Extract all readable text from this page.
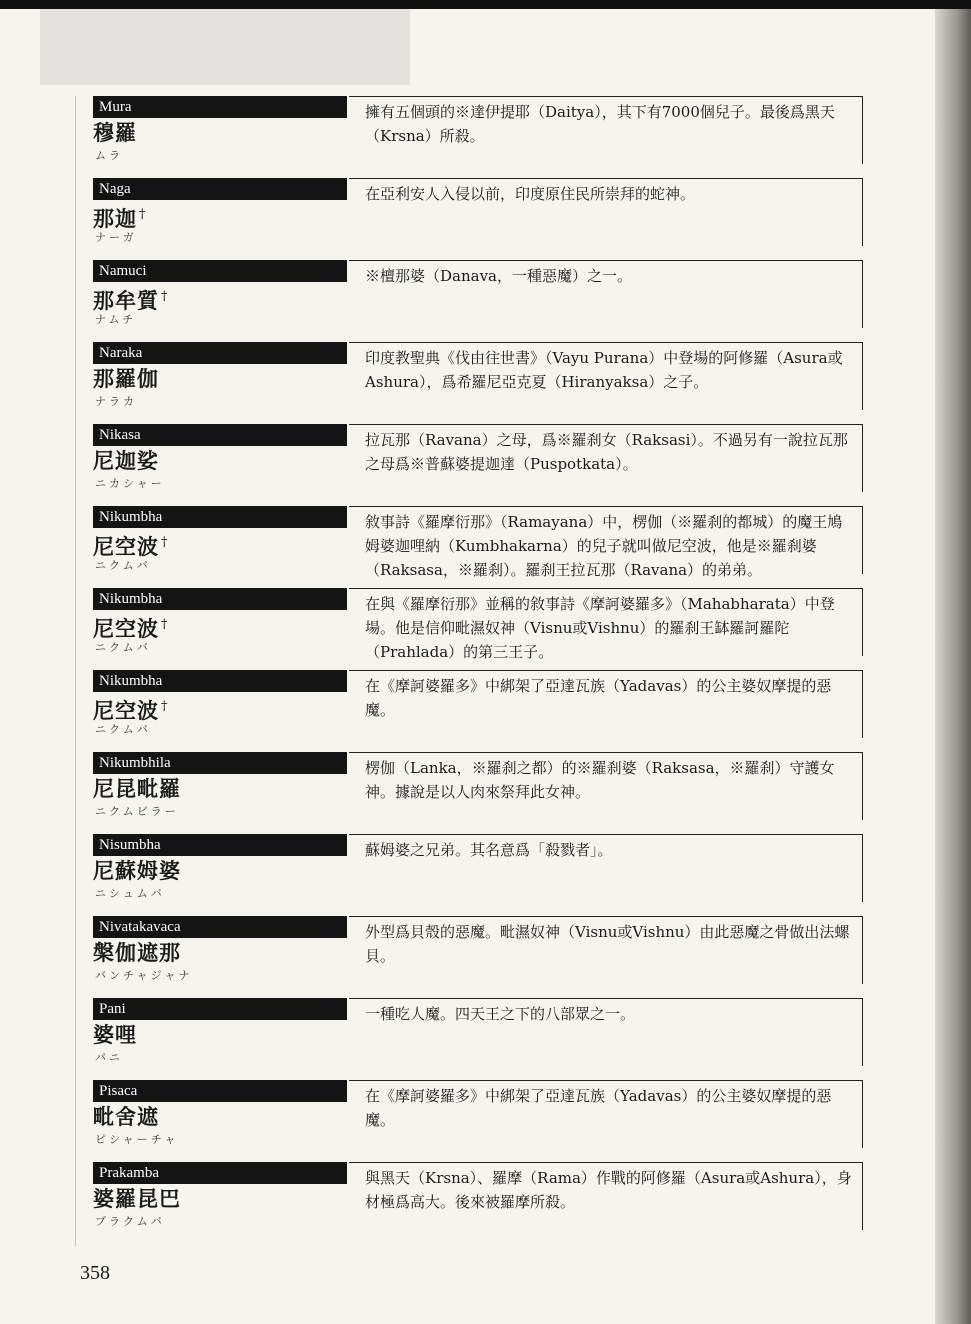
Mura
穆羅
ムラ
擁有五個頭的※達伊提耶（Daitya），其下有7000個兒子。最後爲黑天（Krsna）所殺。
Naga
那迦 †
ナーガ
在亞利安人入侵以前，印度原住民所崇拜的蛇神。
Namuci
那牟質 †
ナムチ
※檀那婆（Danava，一種惡魔）之一。
Naraka
那羅伽
ナラカ
印度教聖典《伐由往世書》（Vayu Purana）中登場的阿修羅（Asura或Ashura），爲希羅尼亞克夏（Hiranyaksa）之子。
Nikasa
尼迦娑
ニカシャー
拉瓦那（Ravana）之母，爲※羅刹女（Raksasi）。不過另有一說拉瓦那之母爲※普蘇婆提迦達（Puspotkata）。
Nikumbha
尼空波 †
ニクムバ
敘事詩《羅摩衍那》（Ramayana）中，楞伽（※羅刹的都城）的魔王鳩姆婆迦哩納（Kumbhakarna）的兒子就叫做尼空波，他是※羅刹婆（Raksasa，※羅刹）。羅刹王拉瓦那（Ravana）的弟弟。
Nikumbha
尼空波 †
ニクムバ
在與《羅摩衍那》並稱的敘事詩《摩訶婆羅多》（Mahabharata）中登場。他是信仰毗濕奴神（Visnu或Vishnu）的羅刹王缽羅訶羅陀（Prahlada）的第三王子。
Nikumbha
尼空波 †
ニクムバ
在《摩訶婆羅多》中綁架了亞達瓦族（Yadavas）的公主婆奴摩提的惡魔。
Nikumbhila
尼昆毗羅
ニクムビラー
楞伽（Lanka，※羅刹之都）的※羅刹婆（Raksasa，※羅刹）守護女神。據說是以人肉來祭拜此女神。
Nisumbha
尼蘇姆婆
ニシュムバ
蘇姆婆之兄弟。其名意爲「殺戮者」。
Nivatakavaca
槃伽遮那
バンチャジャナ
外型爲貝殼的惡魔。毗濕奴神（Visnu或Vishnu）由此惡魔之骨做出法螺貝。
Pani
婆哩
パニ
一種吃人魔。四天王之下的八部眾之一。
Pisaca
毗舍遮
ピシャーチャ
在《摩訶婆羅多》中綁架了亞達瓦族（Yadavas）的公主婆奴摩提的惡魔。
Prakamba
婆羅昆巴
プラクムバ
與黑天（Krsna）、羅摩（Rama）作戰的阿修羅（Asura或Ashura），身材極爲高大。後來被羅摩所殺。
358
